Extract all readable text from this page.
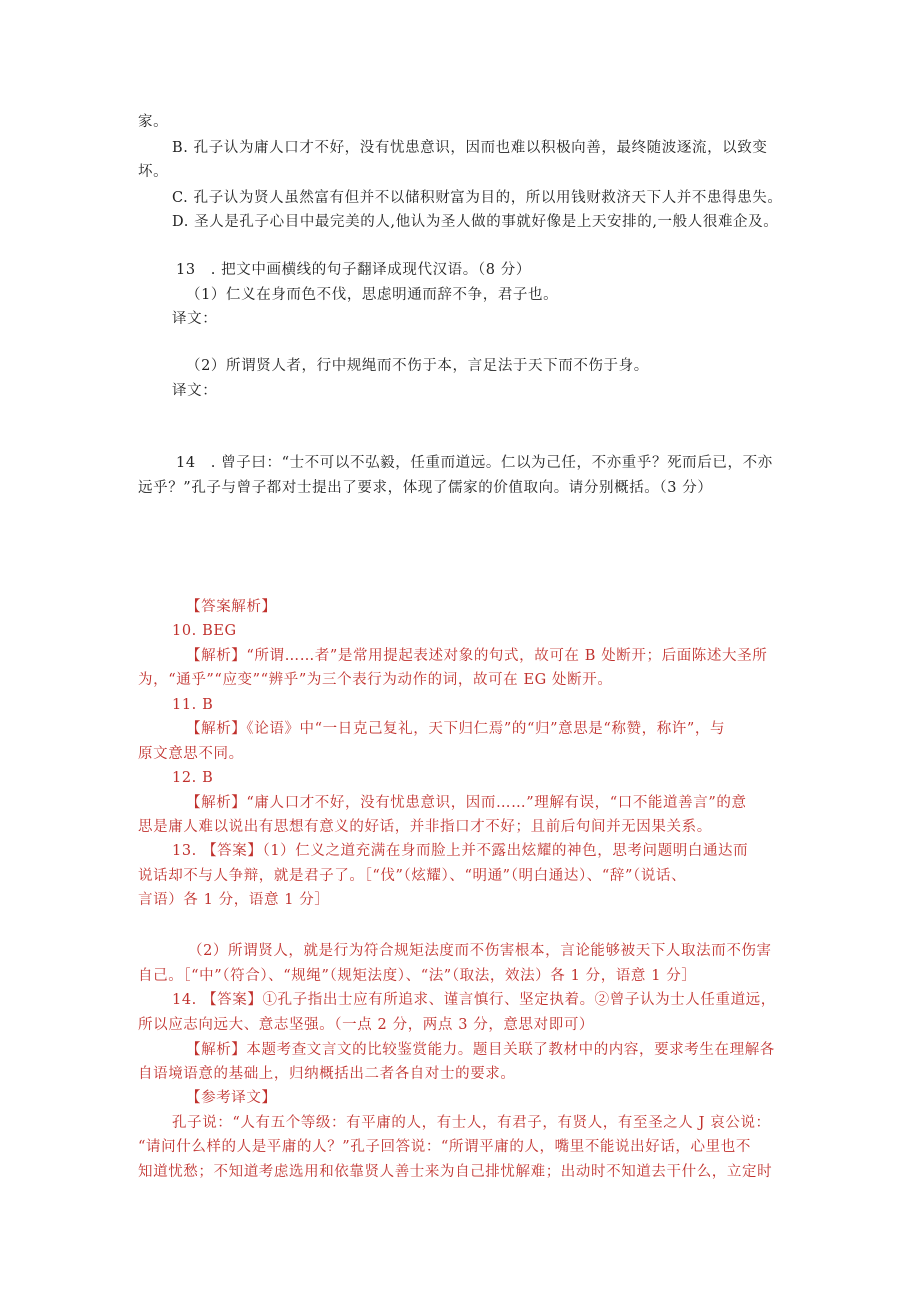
家。
B. 孔子认为庸人口才不好，没有忧患意识，因而也难以积极向善，最终随波逐流，以致变
坏。
C. 孔子认为贤人虽然富有但并不以储积财富为目的，所以用钱财救济天下人并不患得患失。
D. 圣人是孔子心目中最完美的人,他认为圣人做的事就好像是上天安排的,一般人很难企及。
13　. 把文中画横线的句子翻译成现代汉语。（8 分）
（1）仁义在身而色不伐，思虑明通而辞不争，君子也。
译文：
（2）所谓贤人者，行中规绳而不伤于本，言足法于天下而不伤于身。
译文：
14　. 曾子曰：“士不可以不弘毅，任重而道远。仁以为己任，不亦重乎？死而后已，不亦
远乎？”孔子与曾子都对士提出了要求，体现了儒家的价值取向。请分别概括。（3 分）
【答案解析】
10. BEG
【解析】“所谓……者”是常用提起表述对象的句式，故可在 B 处断开；后面陈述大圣所
为，“通乎”“应变”“辨乎”为三个表行为动作的词，故可在 EG 处断开。
11. B
【解析】《论语》中“一日克己复礼，天下归仁焉”的“归”意思是“称赞，称许”，与
原文意思不同。
12. B
【解析】“庸人口才不好，没有忧患意识，因而……”理解有误，“口不能道善言”的意
思是庸人难以说出有思想有意义的好话，并非指口才不好；且前后句间并无因果关系。
13. 【答案】（1）仁义之道充满在身而脸上并不露出炫耀的神色，思考问题明白通达而
说话却不与人争辩，就是君子了。［“伐”（炫耀）、“明通”（明白通达）、“辞”（说话、
言语）各 1 分，语意 1 分］
（2）所谓贤人，就是行为符合规矩法度而不伤害根本，言论能够被天下人取法而不伤害
自己。［“中”（符合）、“规绳”（规矩法度）、“法”（取法，效法）各 1 分，语意 1 分］
14. 【答案】①孔子指出士应有所追求、谨言慎行、坚定执着。②曾子认为士人任重道远，
所以应志向远大、意志坚强。（一点 2 分，两点 3 分，意思对即可）
【解析】本题考查文言文的比较鉴赏能力。题目关联了教材中的内容，要求考生在理解各
自语境语意的基础上，归纳概括出二者各自对士的要求。
【参考译文】
孔子说：“人有五个等级：有平庸的人，有士人，有君子，有贤人，有至圣之人 J 哀公说：
“请问什么样的人是平庸的人？”孔子回答说：“所谓平庸的人，嘴里不能说出好话，心里也不
知道忧愁；不知道考虑选用和依靠贤人善士来为自己排忧解难；出动时不知道去干什么，立定时
